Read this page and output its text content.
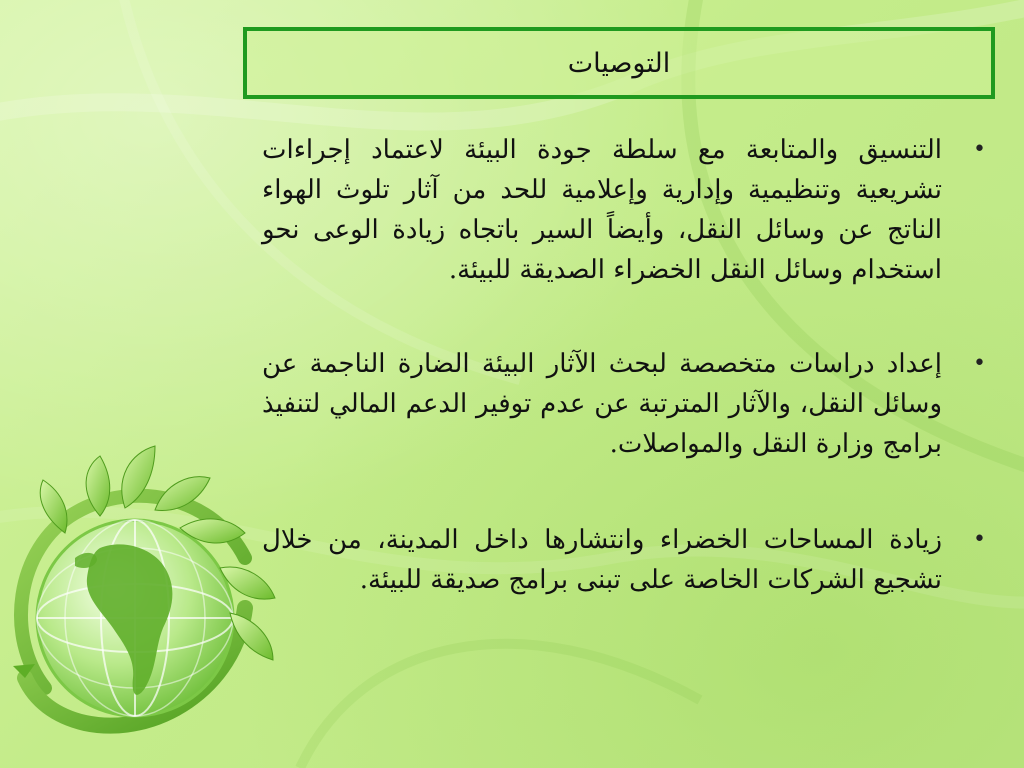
التوصيات
•
التنسيق والمتابعة مع سلطة جودة البيئة لاعتماد إجراءات تشريعية وتنظيمية وإدارية وإعلامية للحد من آثار تلوث الهواء الناتج عن وسائل النقل، وأيضاً السير باتجاه زيادة الوعى نحو استخدام وسائل النقل الخضراء الصديقة للبيئة.
•
إعداد دراسات متخصصة لبحث الآثار البيئة الضارة الناجمة عن وسائل النقل، والآثار المترتبة عن عدم توفير الدعم المالي لتنفيذ برامج وزارة النقل والمواصلات.
•
زيادة المساحات الخضراء وانتشارها داخل المدينة، من خلال تشجيع الشركات الخاصة على تبنى برامج صديقة للبيئة.
